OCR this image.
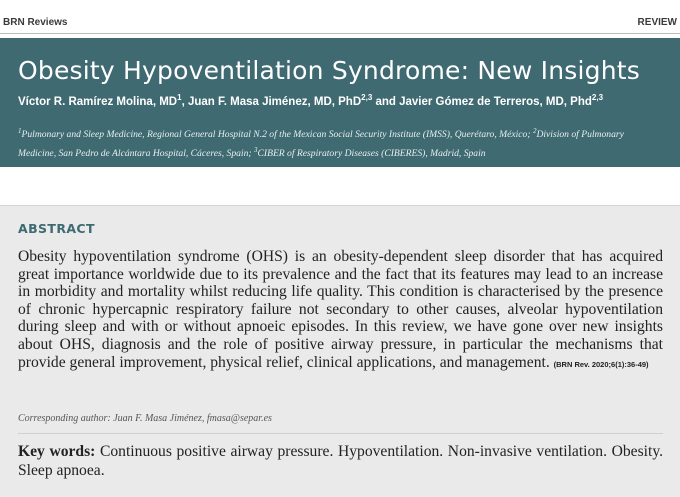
BRN Reviews	REVIEW
Obesity Hypoventilation Syndrome: New Insights
Víctor R. Ramírez Molina, $MD^1$, Juan F. Masa Jiménez, MD, PhD$^{2,3}$ and Javier Gómez de Terreros, MD, Phd$^{2,3}$
$^1$Pulmonary and Sleep Medicine, Regional General Hospital N.2 of the Mexican Social Security Institute (IMSS), Querétaro, México; $^2$Division of Pulmonary Medicine, San Pedro de Alcántara Hospital, Cáceres, Spain; $^3$CIBER of Respiratory Diseases (CIBERES), Madrid, Spain
ABSTRACT
Obesity hypoventilation syndrome (OHS) is an obesity-dependent sleep disorder that has acquired great importance worldwide due to its prevalence and the fact that its features may lead to an increase in morbidity and mortality whilst reducing life quality. This condition is characterised by the presence of chronic hypercapnic respiratory failure not secondary to other causes, alveolar hypoventilation during sleep and with or without apnoeic episodes. In this review, we have gone over new insights about OHS, diagnosis and the role of positive airway pressure, in particular the mechanisms that provide general improvement, physical relief, clinical applications, and management. (BRN Rev. 2020;6(1):36-49)
Corresponding author: Juan F. Masa Jiménez, fmasa@separ.es
Key words: Continuous positive airway pressure. Hypoventilation. Non-invasive ventilation. Obesity. Sleep apnoea.
